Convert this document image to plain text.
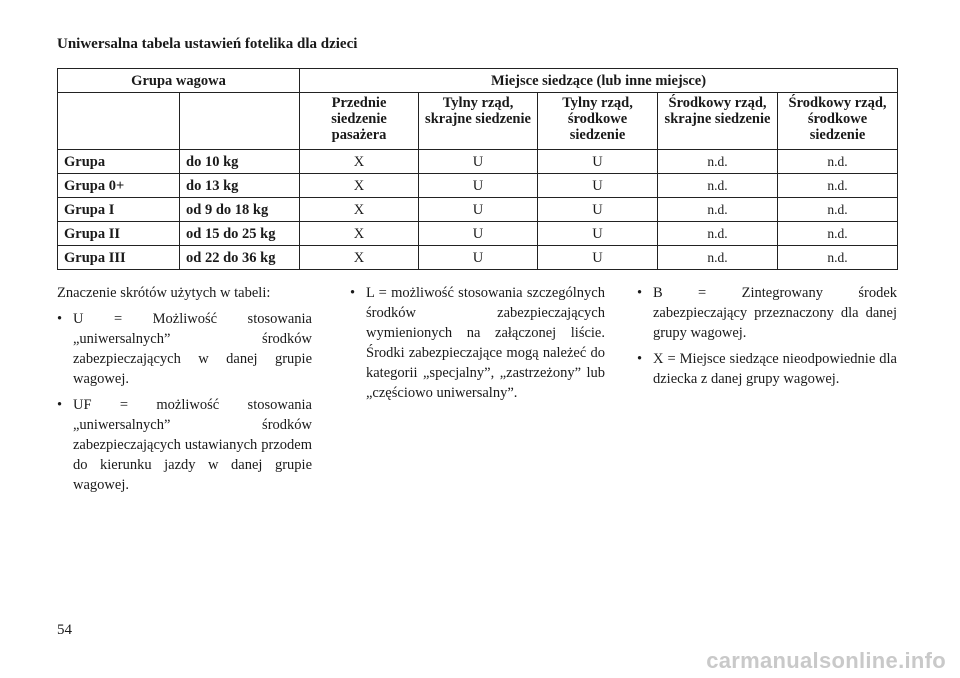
Uniwersalna tabela ustawień fotelika dla dzieci
Grupa wagowa		Miejsce siedzące (lub inne miejsce)				
		Przednie siedzenie pasażera	Tylny rząd, skrajne siedzenie	Tylny rząd, środkowe siedzenie	Środkowy rząd, skrajne siedzenie	Środkowy rząd, środkowe siedzenie
Grupa	do 10 kg	X	U	U	n.d.	n.d.
Grupa 0+	do 13 kg	X	U	U	n.d.	n.d.
Grupa I	od 9 do 18 kg	X	U	U	n.d.	n.d.
Grupa II	od 15 do 25 kg	X	U	U	n.d.	n.d.
Grupa III	od 22 do 36 kg	X	U	U	n.d.	n.d.

Znaczenie skrótów użytych w tabeli:

• U = Możliwość stosowania „uniwersalnych” środków zabezpieczających w danej grupie wagowej.
• UF = możliwość stosowania „uniwersalnych” środków zabezpieczających ustawianych przodem do kierunku jazdy w danej grupie wagowej.
• L = możliwość stosowania szczególnych środków zabezpieczających wymienionych na załączonej liście. Środki zabezpieczające mogą należeć do kategorii „specjalny”, „zastrzeżony” lub „częściowo uniwersalny”.
• B = Zintegrowany środek zabezpieczający przeznaczony dla danej grupy wagowej.
• X = Miejsce siedzące nieodpowiednie dla dziecka z danej grupy wagowej.
54
carmanualsonline.info
